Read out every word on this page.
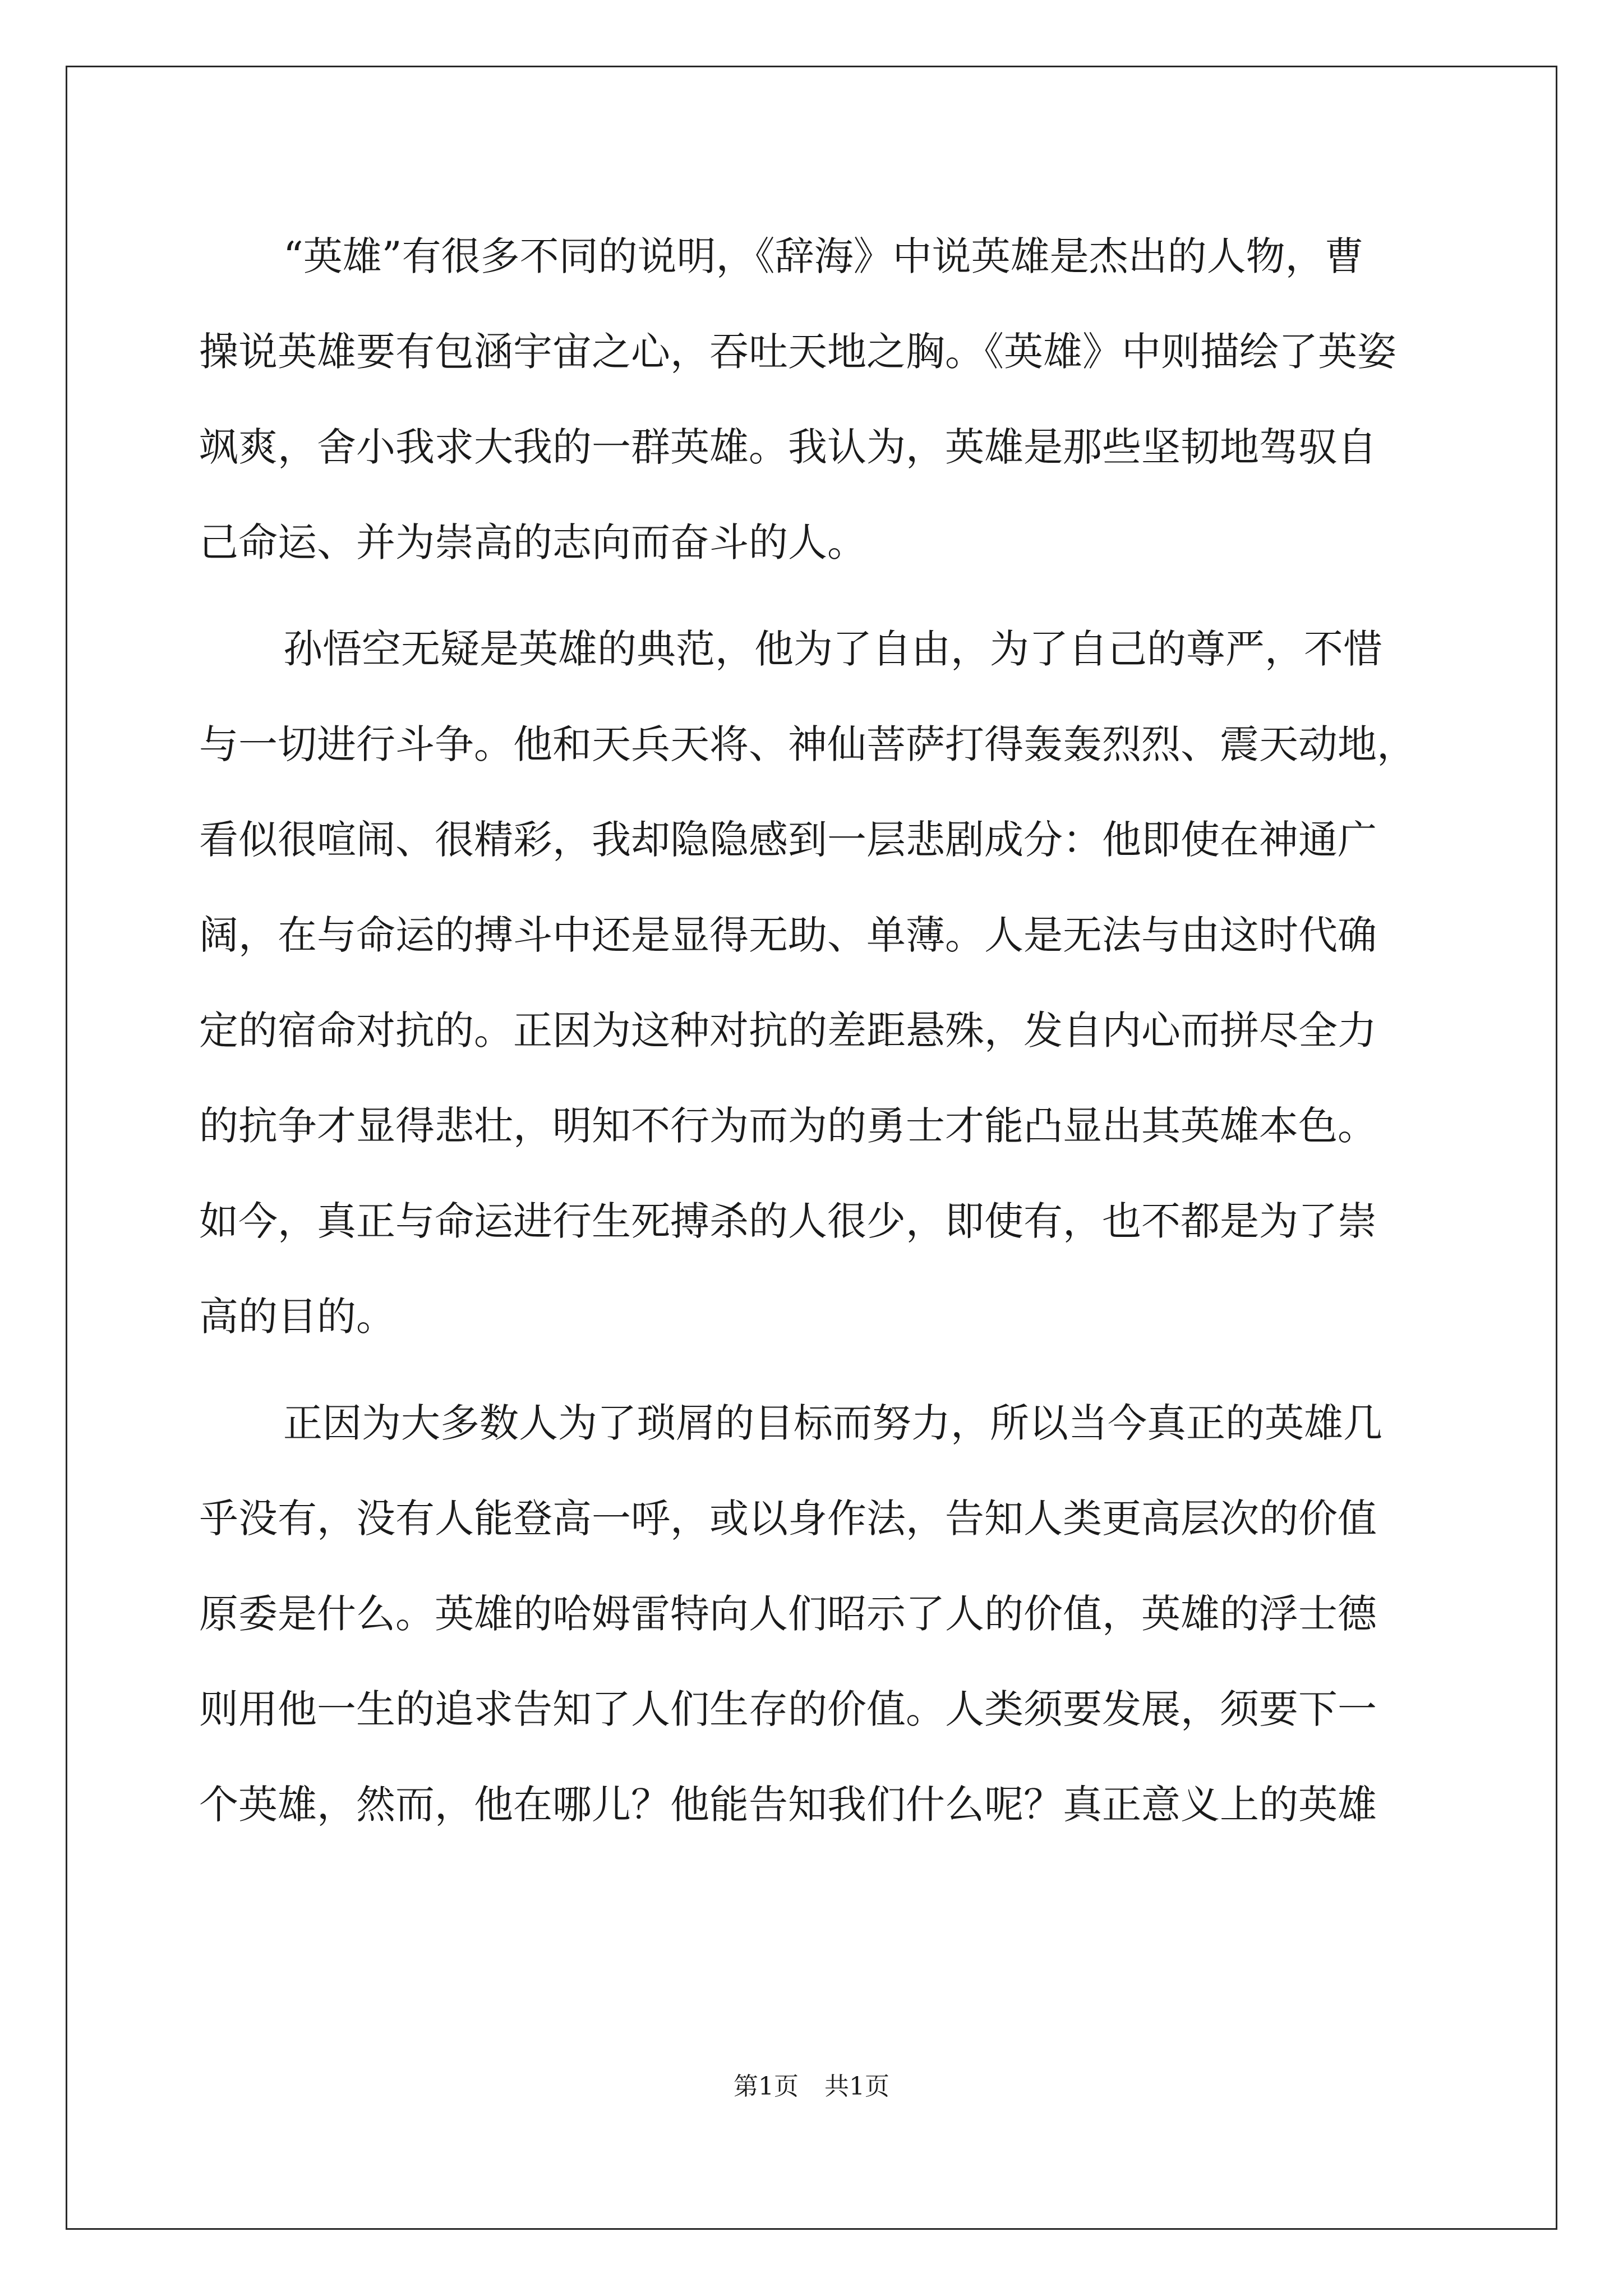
“英雄”有很多不同的说明，《辞海》中说英雄是杰出的人物，曹
操说英雄要有包涵宇宙之心，吞吐天地之胸。《英雄》中则描绘了英姿
飒爽，舍小我求大我的一群英雄。我认为，英雄是那些坚韧地驾驭自
己命运、并为崇高的志向而奋斗的人。
孙悟空无疑是英雄的典范，他为了自由，为了自己的尊严，不惜
与一切进行斗争。他和天兵天将、神仙菩萨打得轰轰烈烈、震天动地，
看似很喧闹、很精彩，我却隐隐感到一层悲剧成分：他即使在神通广
阔，在与命运的搏斗中还是显得无助、单薄。人是无法与由这时代确
定的宿命对抗的。正因为这种对抗的差距悬殊，发自内心而拼尽全力
的抗争才显得悲壮，明知不行为而为的勇士才能凸显出其英雄本色。
如今，真正与命运进行生死搏杀的人很少，即使有，也不都是为了崇
高的目的。
正因为大多数人为了琐屑的目标而努力，所以当今真正的英雄几
乎没有，没有人能登高一呼，或以身作法，告知人类更高层次的价值
原委是什么。英雄的哈姆雷特向人们昭示了人的价值，英雄的浮士德
则用他一生的追求告知了人们生存的价值。人类须要发展，须要下一
个英雄，然而，他在哪儿？他能告知我们什么呢？真正意义上的英雄
第1页 共1页
